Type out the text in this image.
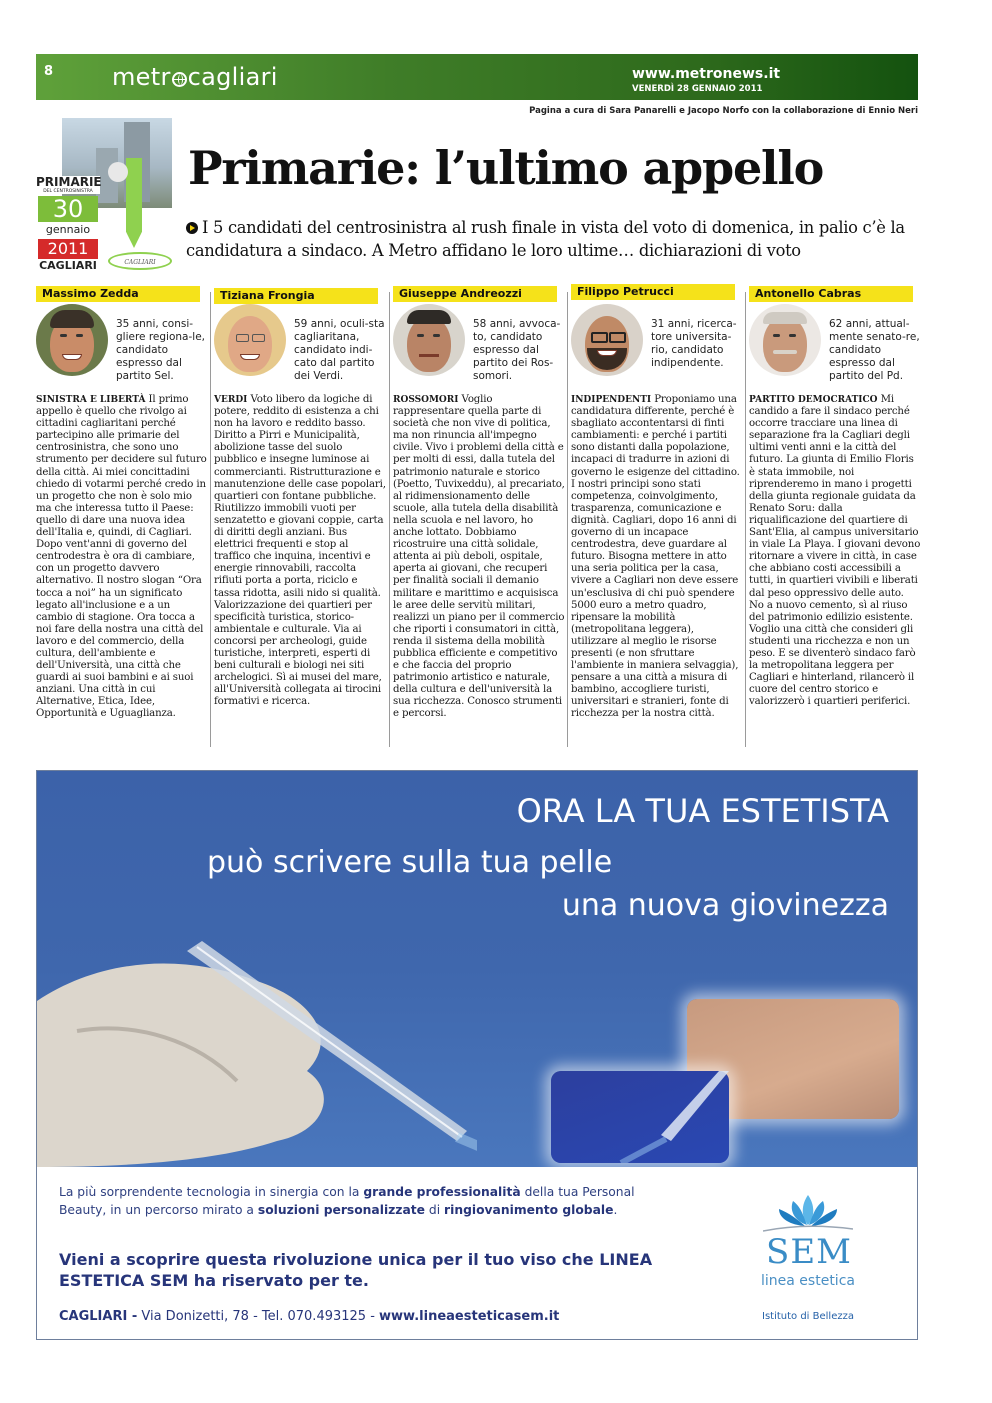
8 metr cagliari	www.metronews.it
VENERDÌ 28 GENNAIO 2011
Pagina a cura di Sara Panarelli e Jacopo Norfo con la collaborazione di Ennio Neri
PRIMARIE
DEL CENTROSINISTRA
30
gennaio
2011
CAGLIARI	CAGLIARI
Primarie: l’ultimo appello
I 5 candidati del centrosinistra al rush finale in vista del voto di domenica, in palio c’è la candidatura a sindaco. A Metro affidano le loro ultime… dichiarazioni di voto
Massimo Zedda
35 anni, consi-gliere regiona-le, candidato espresso dal partito Sel.
SINISTRA E LIBERTÀ Il primo appello è quello che rivolgo ai cittadini cagliaritani perché partecipino alle primarie del centrosinistra, che sono uno strumento per decidere sul futuro della città. Ai miei concittadini chiedo di votarmi perché credo in un progetto che non è solo mio ma che interessa tutto il Paese: quello di dare una nuova idea dell'Italia e, quindi, di Cagliari. Dopo vent'anni di governo del centrodestra è ora di cambiare, con un progetto davvero alternativo. Il nostro slogan “Ora tocca a noi” ha un significato legato all'inclusione e a un cambio di stagione. Ora tocca a noi fare della nostra una città del lavoro e del commercio, della cultura, dell'ambiente e dell'Università, una città che guardi ai suoi bambini e ai suoi anziani. Una città in cui Alternative, Etica, Idee, Opportunità e Uguaglianza.
Tiziana Frongia
59 anni, oculi-sta cagliaritana, candidato indi-cato dal partito dei Verdi.
VERDI Voto libero da logiche di potere, reddito di esistenza a chi non ha lavoro e reddito basso. Diritto a Pirri e Municipalità, abolizione tasse del suolo pubblico e insegne luminose ai commercianti. Ristrutturazione e manutenzione delle case popolari, quartieri con fontane pubbliche. Riutilizzo immobili vuoti per senzatetto e giovani coppie, carta di diritti degli anziani. Bus elettrici frequenti e stop al traffico che inquina, incentivi e energie rinnovabili, raccolta rifiuti porta a porta, riciclo e tassa ridotta, asili nido si qualità. Valorizzazione dei quartieri per specificità turistica, storico-ambientale e culturale. Via ai concorsi per archeologi, guide turistiche, interpreti, esperti di beni culturali e biologi nei siti archelogici. Sì ai musei del mare, all'Università collegata ai tirocini formativi e ricerca.
Giuseppe Andreozzi
58 anni, avvoca-to, candidato espresso dal partito dei Ros-somori.
ROSSOMORI Voglio rappresentare quella parte di società che non vive di politica, ma non rinuncia all'impegno civile. Vivo i problemi della città e per molti di essi, dalla tutela del patrimonio naturale e storico (Poetto, Tuvixeddu), al precariato, al ridimensionamento delle scuole, alla tutela della disabilità nella scuola e nel lavoro, ho anche lottato. Dobbiamo ricostruire una città solidale, attenta ai più deboli, ospitale, aperta ai giovani, che recuperi per finalità sociali il demanio militare e marittimo e acquisisca le aree delle servitù militari, realizzi un piano per il commercio che riporti i consumatori in città, renda il sistema della mobilità pubblica efficiente e competitivo e che faccia del proprio patrimonio artistico e naturale, della cultura e dell'università la sua ricchezza. Conosco strumenti e percorsi.
Filippo Petrucci
31 anni, ricerca-tore universita-rio, candidato indipendente.
INDIPENDENTI Proponiamo una candidatura differente, perché è sbagliato accontentarsi di finti cambiamenti: e perché i partiti sono distanti dalla popolazione, incapaci di tradurre in azioni di governo le esigenze del cittadino. I nostri principi sono stati competenza, coinvolgimento, trasparenza, comunicazione e dignità. Cagliari, dopo 16 anni di governo di un incapace centrodestra, deve guardare al futuro. Bisogna mettere in atto una seria politica per la casa, vivere a Cagliari non deve essere un'esclusiva di chi può spendere 5000 euro a metro quadro, ripensare la mobilità (metropolitana leggera), utilizzare al meglio le risorse presenti (e non sfruttare l'ambiente in maniera selvaggia), pensare a una città a misura di bambino, accogliere turisti, universitari e stranieri, fonte di ricchezza per la nostra città.
Antonello Cabras
62 anni, attual-mente senato-re, candidato espresso dal partito del Pd.
PARTITO DEMOCRATICO Mi candido a fare il sindaco perché occorre tracciare una linea di separazione fra la Cagliari degli ultimi venti anni e la città del futuro. La giunta di Emilio Floris è stata immobile, noi riprenderemo in mano i progetti della giunta regionale guidata da Renato Soru: dalla riqualificazione del quartiere di Sant'Elia, al campus universitario in viale La Playa. I giovani devono ritornare a vivere in città, in case che abbiano costi accessibili a tutti, in quartieri vivibili e liberati dal peso oppressivo delle auto. No a nuovo cemento, sì al riuso del patrimonio edilizio esistente. Voglio una città che consideri gli studenti una ricchezza e non un peso. E se diventerò sindaco farò la metropolitana leggera per Cagliari e hinterland, rilancerò il cuore del centro storico e valorizzerò i quartieri periferici.
ORA LA TUA ESTETISTA
può scrivere sulla tua pelle
una nuova giovinezza
La più sorprendente tecnologia in sinergia con la grande professionalità della tua Personal Beauty, in un percorso mirato a soluzioni personalizzate di ringiovanimento globale.
Vieni a scoprire questa rivoluzione unica per il tuo viso che LINEA ESTETICA SEM ha riservato per te.
CAGLIARI - Via Donizetti, 78 - Tel. 070.493125 - www.lineaesteticasem.it
SEM
linea estetica
Istituto di Bellezza
